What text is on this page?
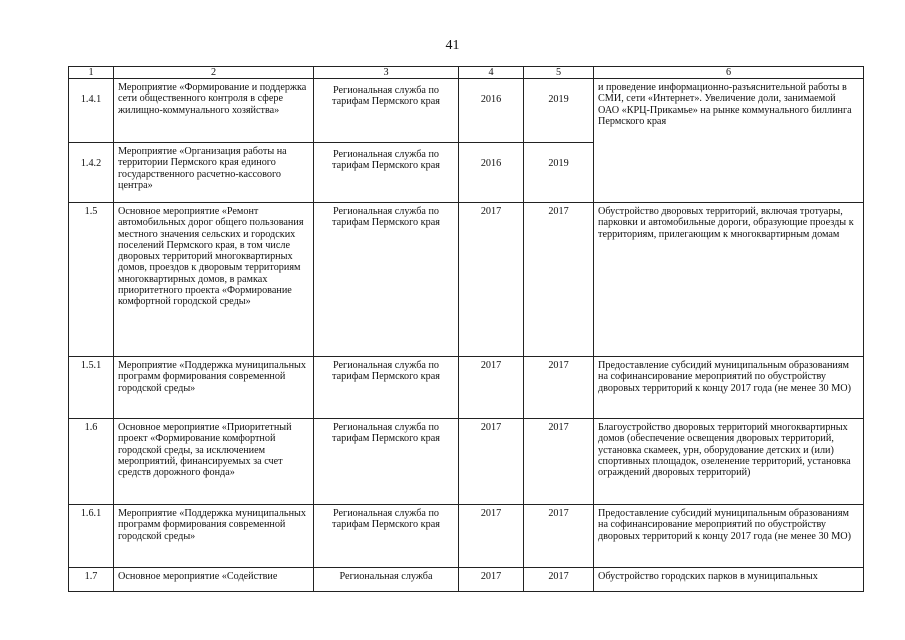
41
1	2	3	4	5	6
1.4.1	Мероприятие «Формирование и поддержка сети общественного контроля в сфере жилищно-коммунального хозяйства»	Региональная служба по тарифам Пермского края	2016	2019	и проведение информационно-разъяснительной работы в СМИ, сети «Интернет». Увеличение доли, занимаемой ОАО «КРЦ-Прикамье» на рынке коммунального биллинга Пермского края
1.4.2	Мероприятие «Организация работы на территории Пермского края единого государственного расчетно-кассового центра»	Региональная служба по тарифам Пермского края	2016	2019	
1.5	Основное мероприятие «Ремонт автомобильных дорог общего пользования местного значения сельских и городских поселений Пермского края, в том числе дворовых территорий многоквартирных домов, проездов к дворовым территориям многоквартирных домов, в рамках приоритетного проекта «Формирование комфортной городской среды»	Региональная служба по тарифам Пермского края	2017	2017	Обустройство дворовых территорий, включая тротуары, парковки и автомобильные дороги, образующие проезды к территориям, прилегающим к многоквартирным домам
1.5.1	Мероприятие «Поддержка муниципальных программ формирования современной городской среды»	Региональная служба по тарифам Пермского края	2017	2017	Предоставление субсидий муниципальным образованиям на софинансирование мероприятий по обустройству дворовых территорий к концу 2017 года (не менее 30 МО)
1.6	Основное мероприятие «Приоритетный проект «Формирование комфортной городской среды, за исключением мероприятий, финансируемых за счет средств дорожного фонда»	Региональная служба по тарифам Пермского края	2017	2017	Благоустройство дворовых территорий многоквартирных домов (обеспечение освещения дворовых территорий, установка скамеек, урн, оборудование детских и (или) спортивных площадок, озеленение территорий, установка ограждений дворовых территорий)
1.6.1	Мероприятие «Поддержка муниципальных программ формирования современной городской среды»	Региональная служба по тарифам Пермского края	2017	2017	Предоставление субсидий муниципальным образованиям на софинансирование мероприятий по обустройству дворовых территорий к концу 2017 года (не менее 30 МО)
1.7	Основное мероприятие «Содействие	Региональная служба	2017	2017	Обустройство городских парков в муниципальных
